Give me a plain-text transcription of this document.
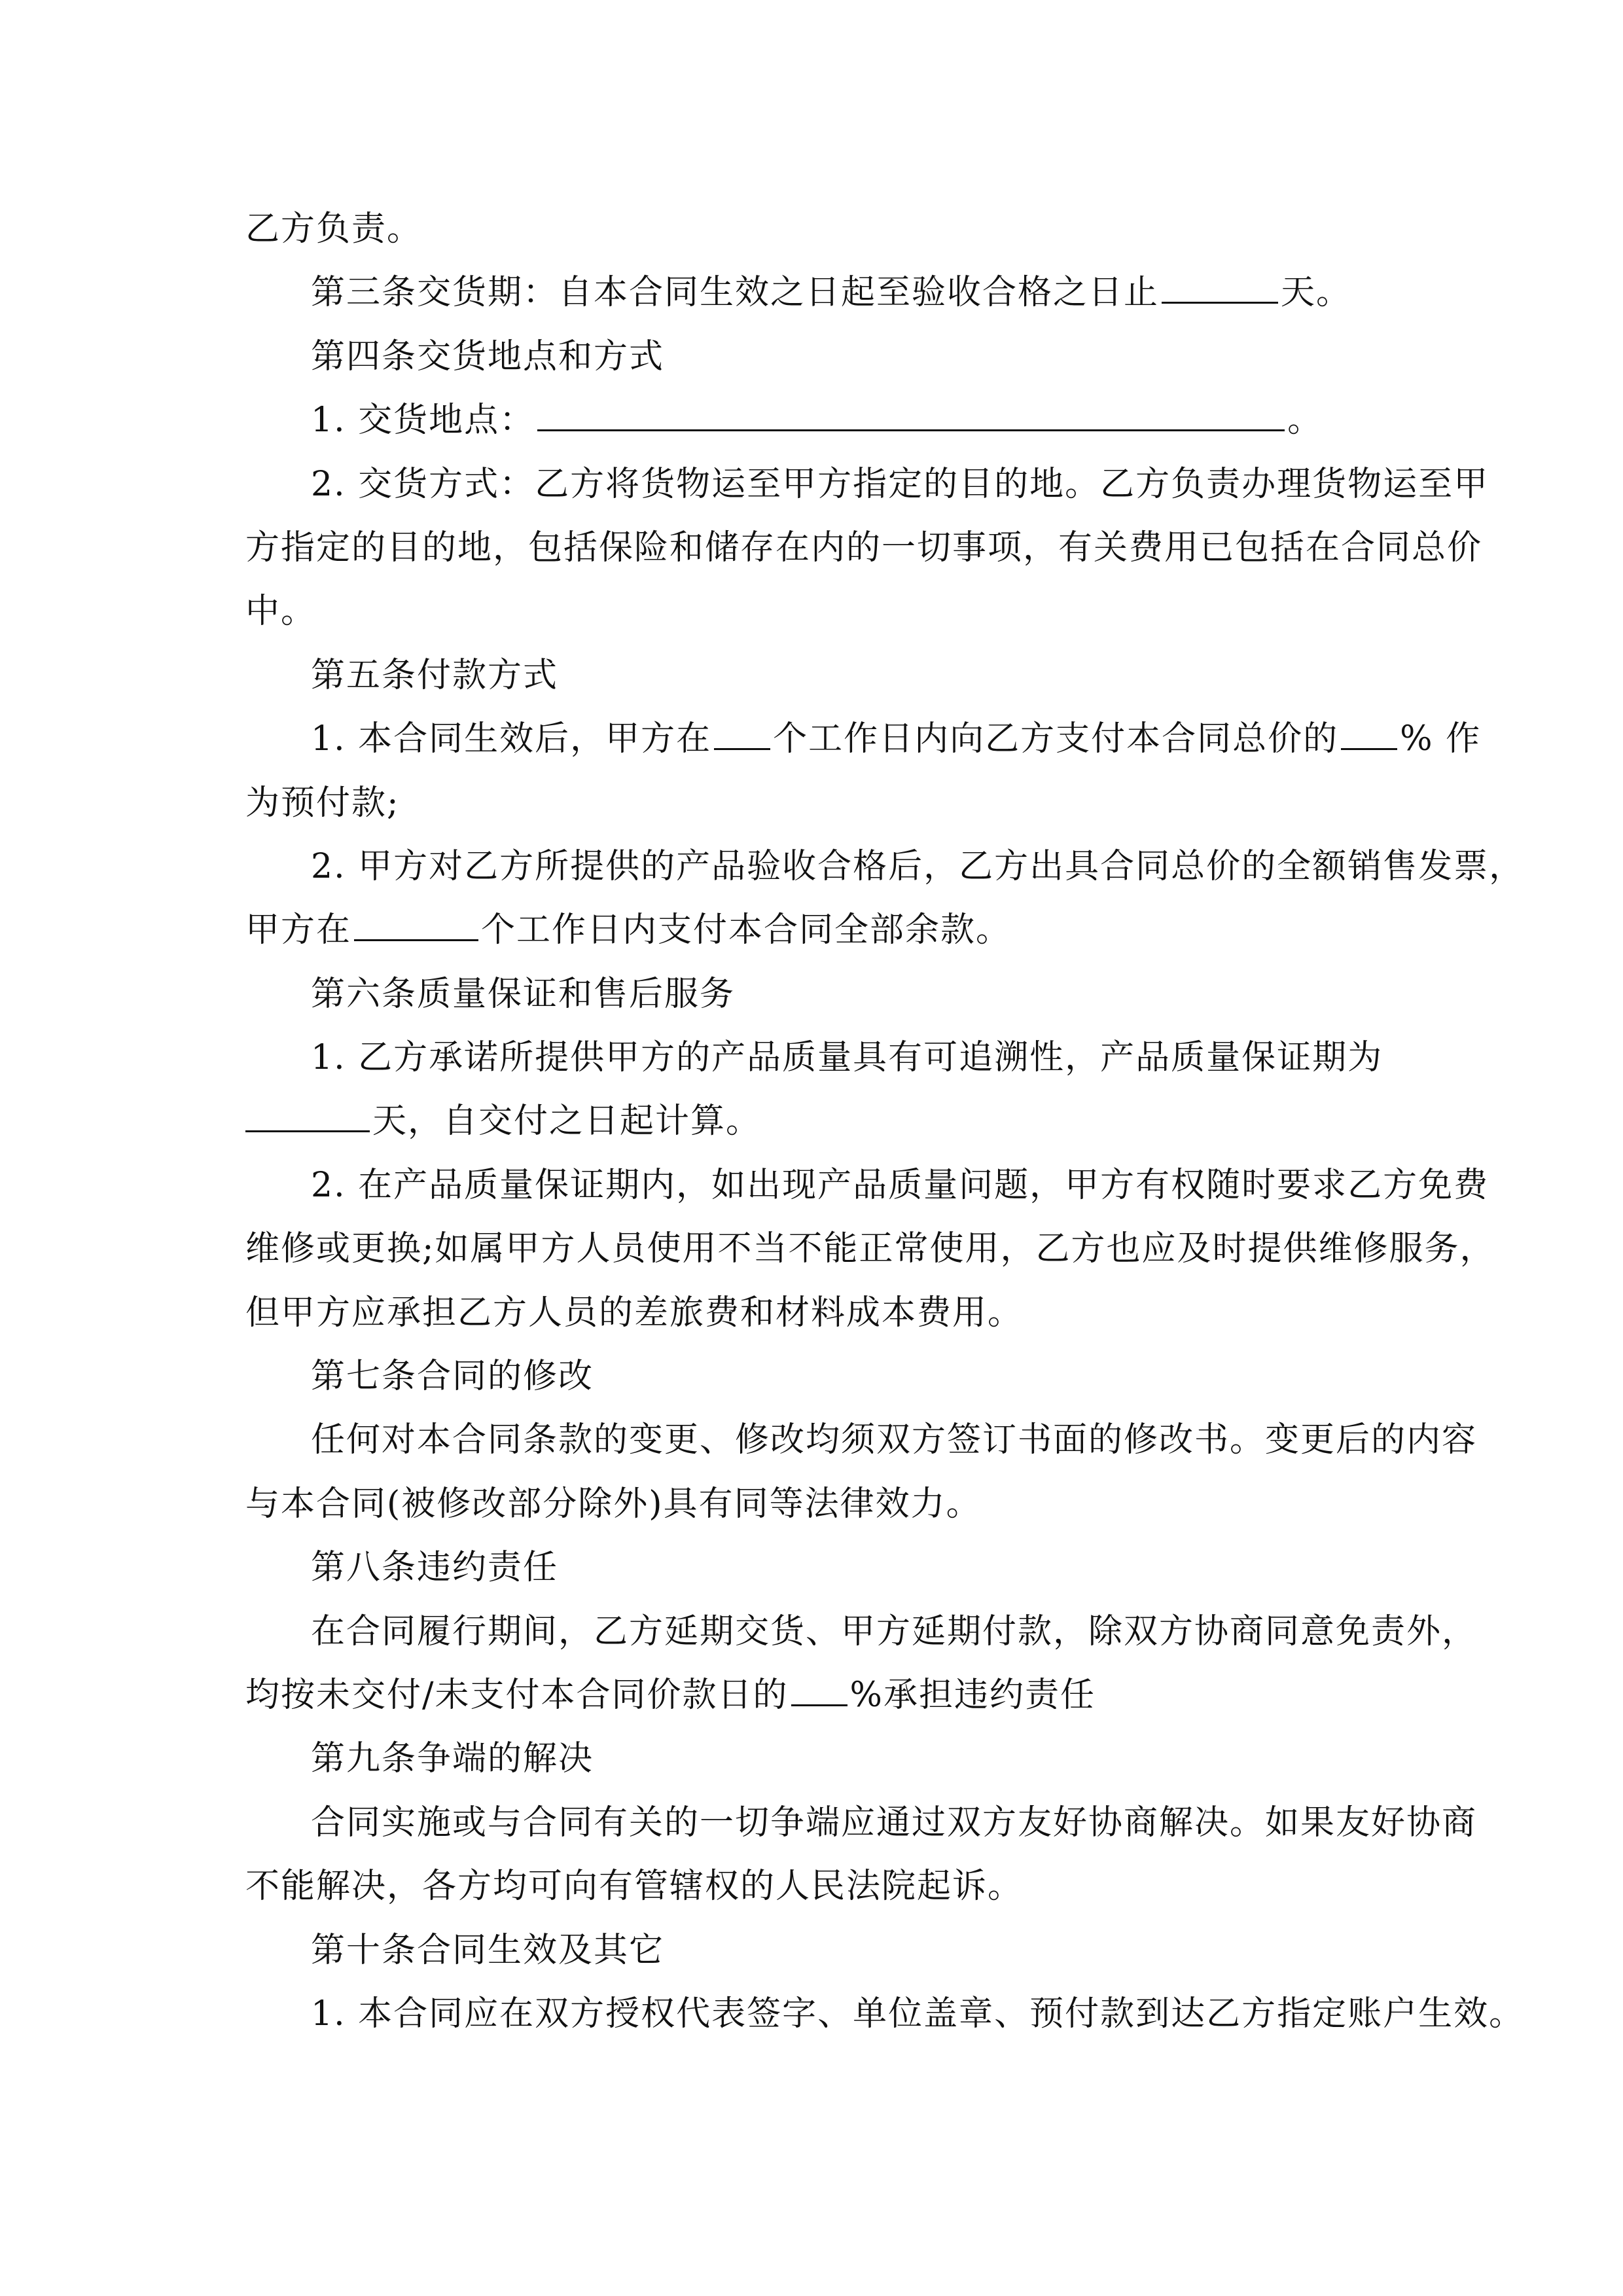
乙方负责。
第三条交货期：自本合同生效之日起至验收合格之日止	天。
第四条交货地点和方式
1. 交货地点：	。
2. 交货方式：乙方将货物运至甲方指定的目的地。乙方负责办理货物运至甲
方指定的目的地，包括保险和储存在内的一切事项，有关费用已包括在合同总价
中。
第五条付款方式
1. 本合同生效后，甲方在 个工作日内向乙方支付本合同总价的 % 作
为预付款;
2. 甲方对乙方所提供的产品验收合格后，乙方出具合同总价的全额销售发票，
甲方在	个工作日内支付本合同全部余款。
第六条质量保证和售后服务
1. 乙方承诺所提供甲方的产品质量具有可追溯性，产品质量保证期为
天，自交付之日起计算。
2. 在产品质量保证期内，如出现产品质量问题，甲方有权随时要求乙方免费
维修或更换;如属甲方人员使用不当不能正常使用，乙方也应及时提供维修服务，
但甲方应承担乙方人员的差旅费和材料成本费用。
第七条合同的修改
任何对本合同条款的变更、修改均须双方签订书面的修改书。变更后的内容
与本合同(被修改部分除外)具有同等法律效力。
第八条违约责任
在合同履行期间，乙方延期交货、甲方延期付款，除双方协商同意免责外，
均按未交付/未支付本合同价款日的 %承担违约责任
第九条争端的解决
合同实施或与合同有关的一切争端应通过双方友好协商解决。如果友好协商
不能解决，各方均可向有管辖权的人民法院起诉。
第十条合同生效及其它
1. 本合同应在双方授权代表签字、单位盖章、预付款到达乙方指定账户生效。
